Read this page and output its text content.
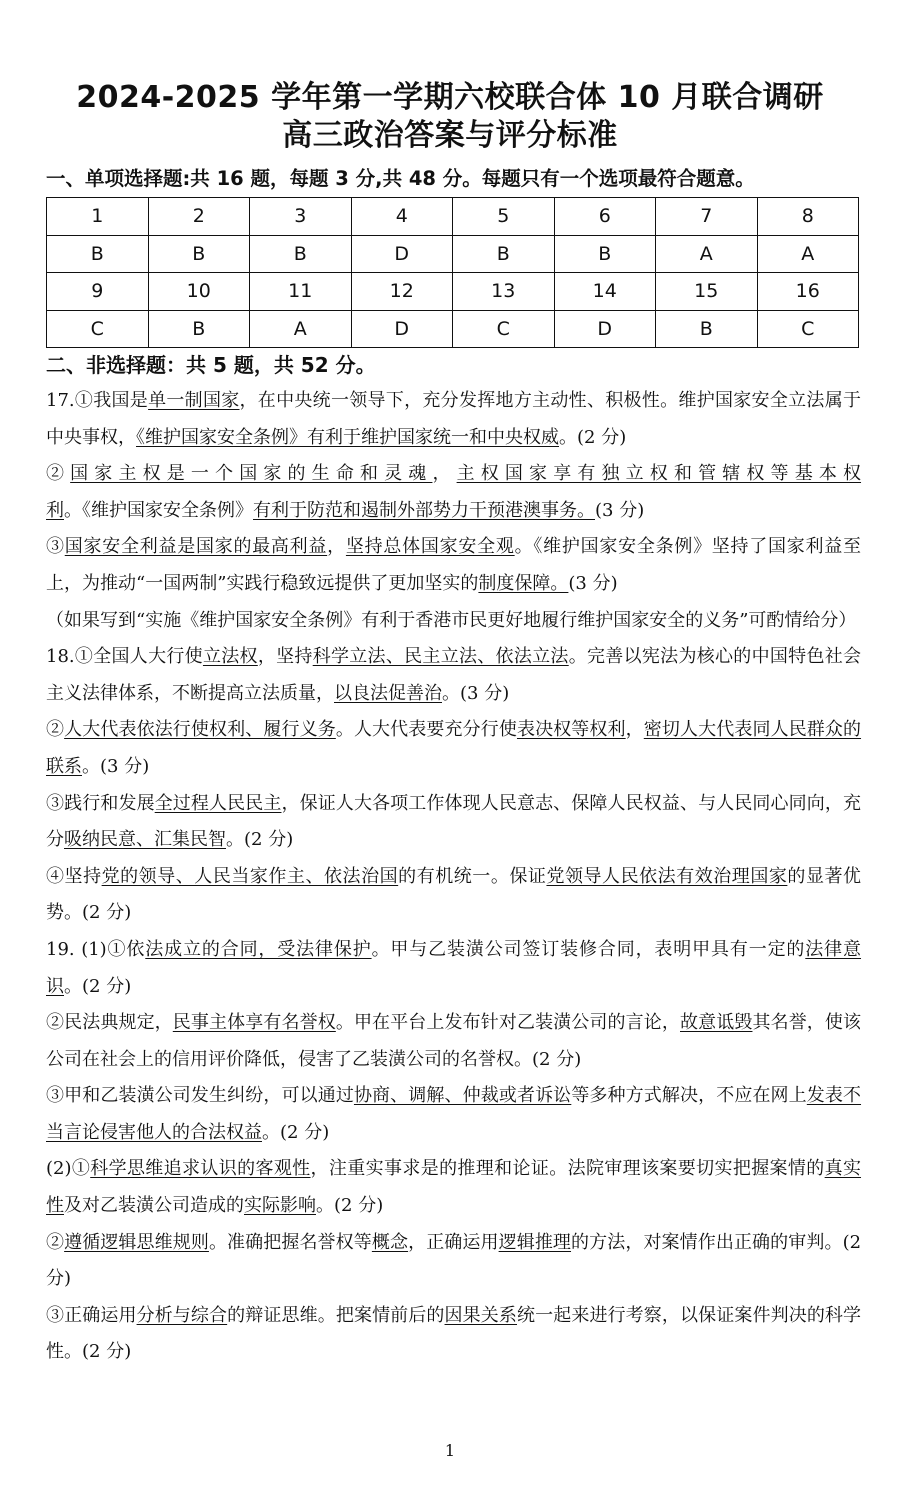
2024-2025 学年第一学期六校联合体 10 月联合调研
高三政治答案与评分标准
一、单项选择题:共 16 题，每题 3 分,共 48 分。每题只有一个选项最符合题意。
1	2	3	4	5	6	7	8
B	B	B	D	B	B	A	A
9	10	11	12	13	14	15	16
C	B	A	D	C	D	B	C
二、非选择题：共 5 题，共 52 分。

17.①我国是单一制国家，在中央统一领导下，充分发挥地方主动性、积极性。维护国家安全立法属于中央事权，《维护国家安全条例》有利于维护国家统一和中央权威。(2 分)

②国家主权是一个国家的生命和灵魂，主权国家享有独立权和管辖权等基本权利。《维护国家安全条例》有利于防范和遏制外部势力干预港澳事务。(3 分)

③国家安全利益是国家的最高利益，坚持总体国家安全观。《维护国家安全条例》坚持了国家利益至上，为推动“一国两制”实践行稳致远提供了更加坚实的制度保障。(3 分)

（如果写到“实施《维护国家安全条例》有利于香港市民更好地履行维护国家安全的义务”可酌情给分）

18.①全国人大行使立法权，坚持科学立法、民主立法、依法立法。完善以宪法为核心的中国特色社会主义法律体系，不断提高立法质量，以良法促善治。(3 分)

②人大代表依法行使权利、履行义务。人大代表要充分行使表决权等权利，密切人大代表同人民群众的联系。(3 分)

③践行和发展全过程人民民主，保证人大各项工作体现人民意志、保障人民权益、与人民同心同向，充分吸纳民意、汇集民智。(2 分)

④坚持党的领导、人民当家作主、依法治国的有机统一。保证党领导人民依法有效治理国家的显著优势。(2 分)

19. (1)①依法成立的合同，受法律保护。甲与乙装潢公司签订装修合同，表明甲具有一定的法律意识。(2 分)

②民法典规定，民事主体享有名誉权。甲在平台上发布针对乙装潢公司的言论，故意诋毁其名誉，使该公司在社会上的信用评价降低，侵害了乙装潢公司的名誉权。(2 分)

③甲和乙装潢公司发生纠纷，可以通过协商、调解、仲裁或者诉讼等多种方式解决，不应在网上发表不当言论侵害他人的合法权益。(2 分)

(2)①科学思维追求认识的客观性，注重实事求是的推理和论证。法院审理该案要切实把握案情的真实性及对乙装潢公司造成的实际影响。(2 分)

②遵循逻辑思维规则。准确把握名誉权等概念，正确运用逻辑推理的方法，对案情作出正确的审判。(2 分)

③正确运用分析与综合的辩证思维。把案情前后的因果关系统一起来进行考察，以保证案件判决的科学性。(2 分)

1
